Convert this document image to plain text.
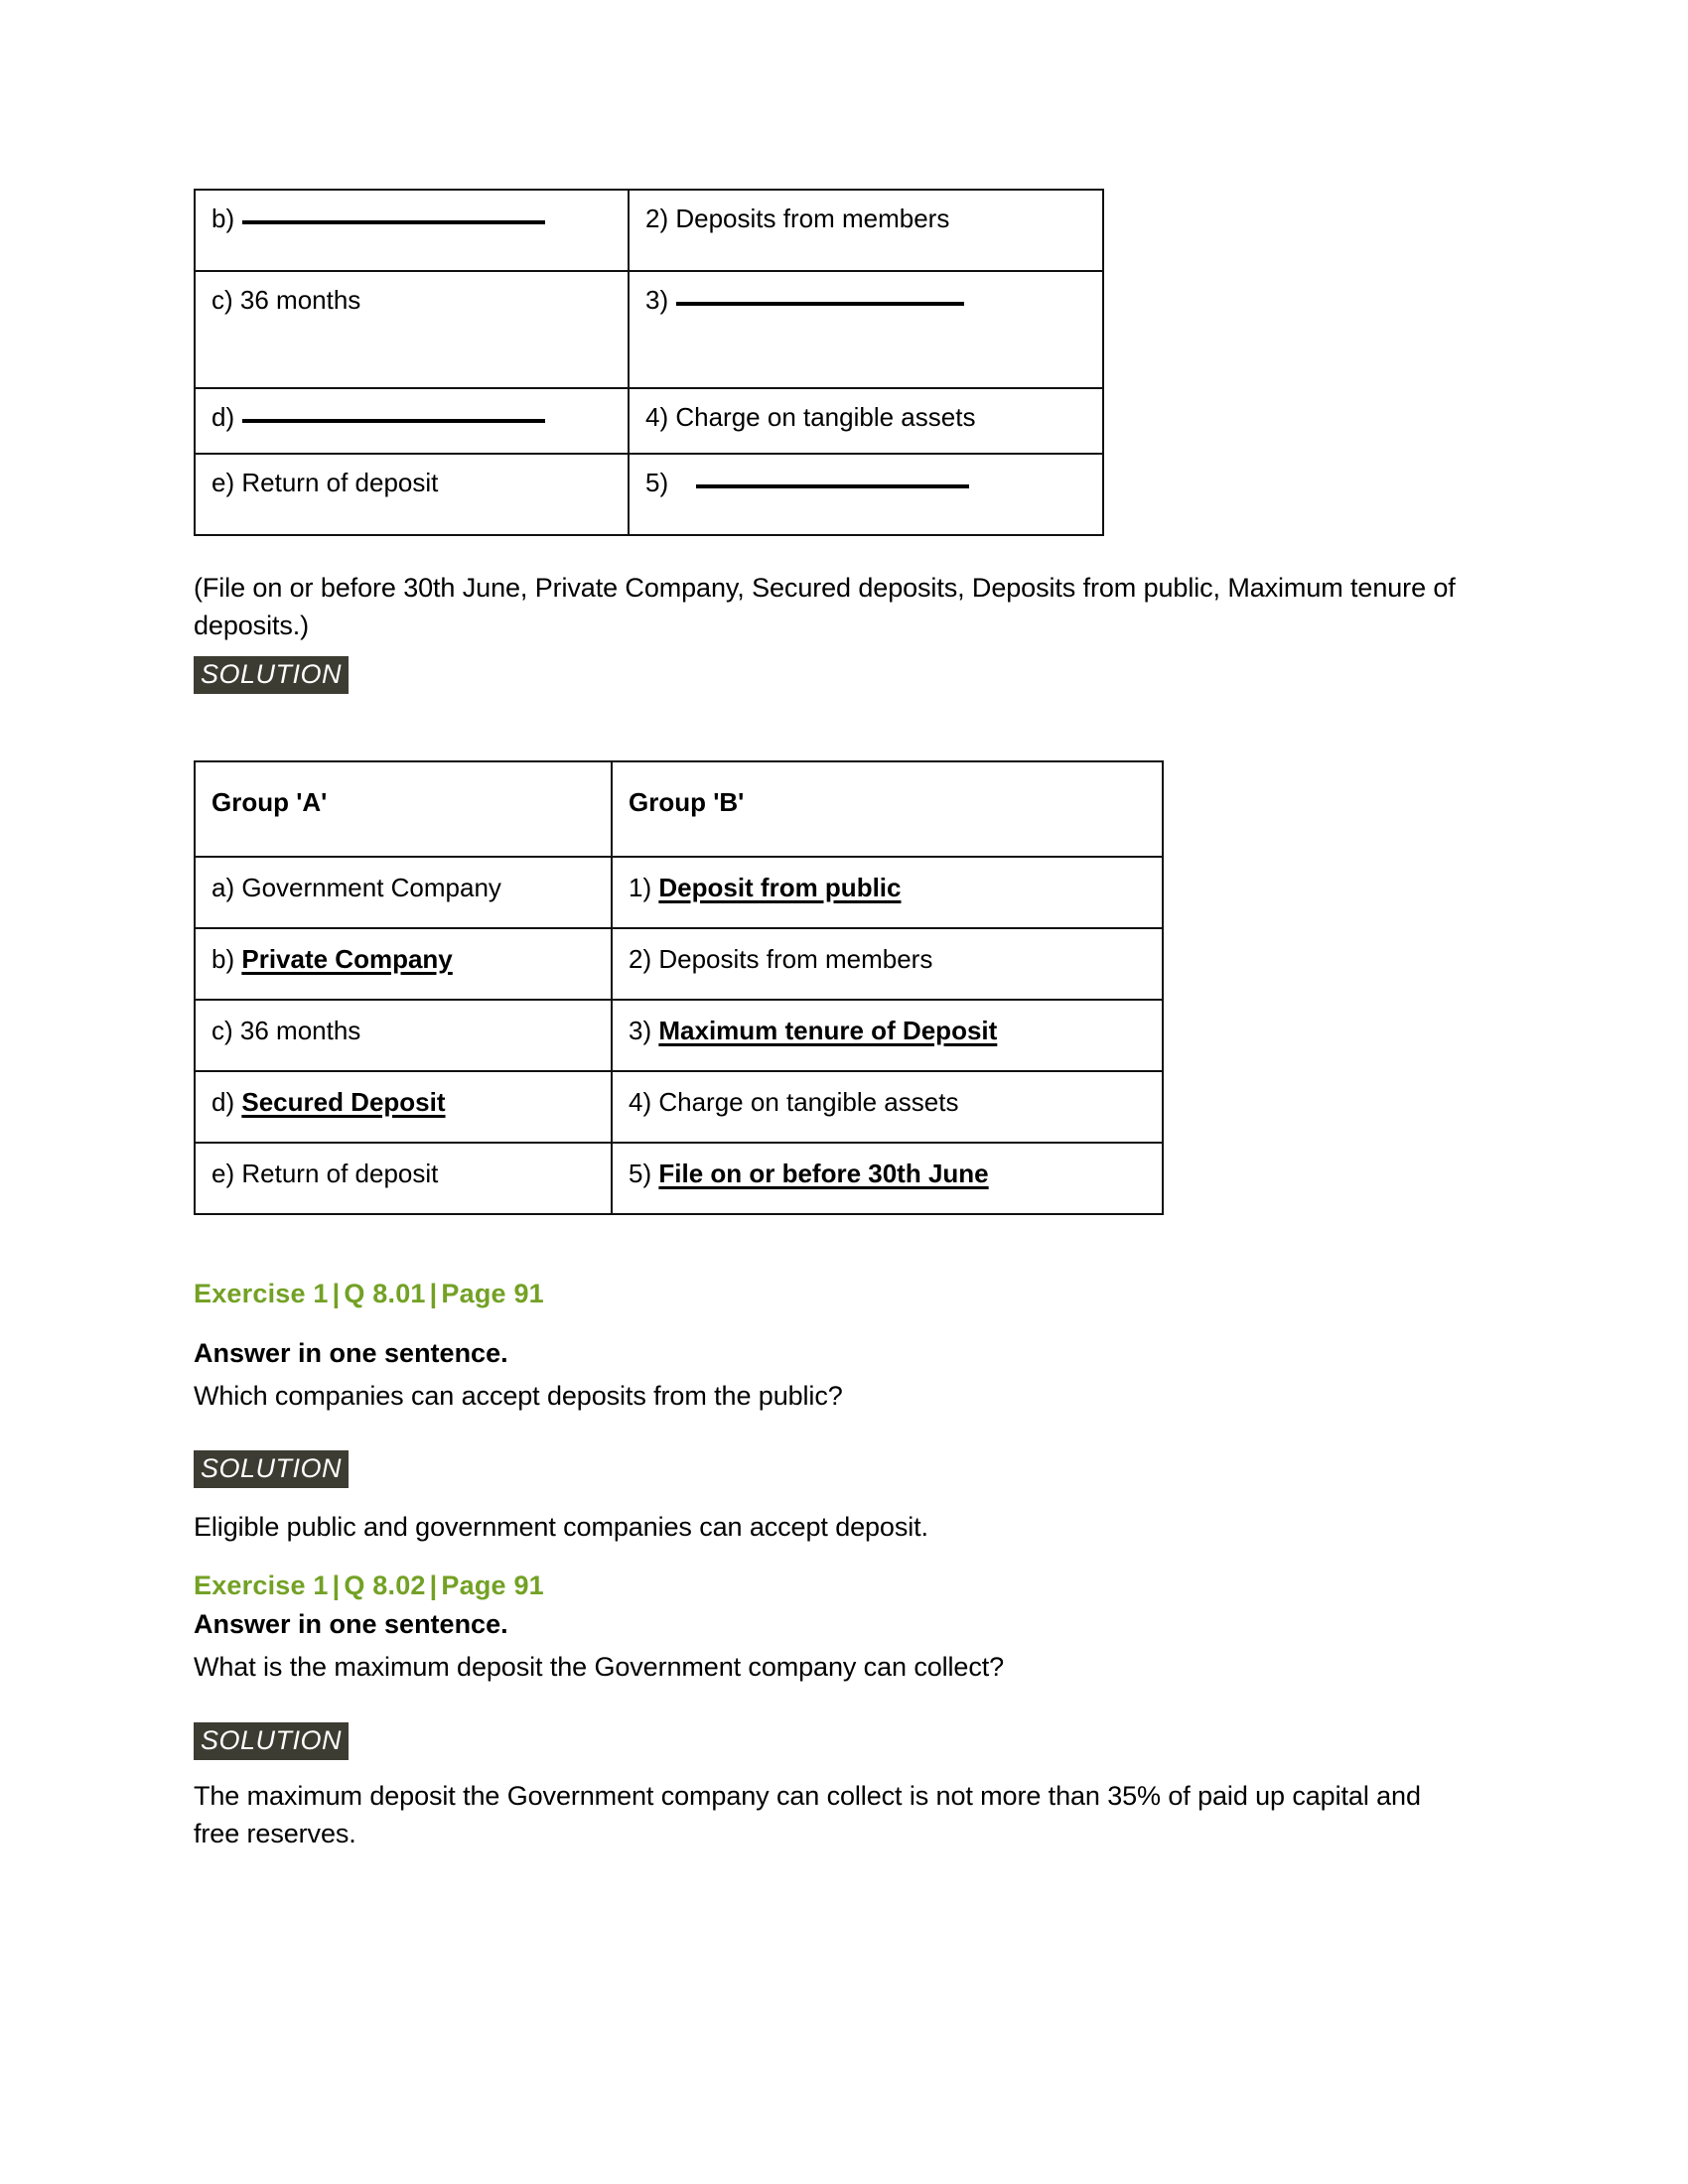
b)	2) Deposits from members
c) 36 months	3)
d)	4) Charge on tangible assets
e) Return of deposit	5)
(File on or before 30th June, Private Company, Secured deposits, Deposits from public, Maximum tenure of deposits.)
SOLUTION
Group 'A'	Group 'B'
a) Government Company	1) Deposit from public
b) Private Company	2) Deposits from members
c) 36 months	3) Maximum tenure of Deposit
d) Secured Deposit	4) Charge on tangible assets
e) Return of deposit	5) File on or before 30th June
Exercise 1 | Q 8.01 | Page 91
Answer in one sentence.
Which companies can accept deposits from the public?
SOLUTION
Eligible public and government companies can accept deposit.
Exercise 1 | Q 8.02 | Page 91
Answer in one sentence.
What is the maximum deposit the Government company can collect?
SOLUTION
The maximum deposit the Government company can collect is not more than 35% of paid up capital and free reserves.
